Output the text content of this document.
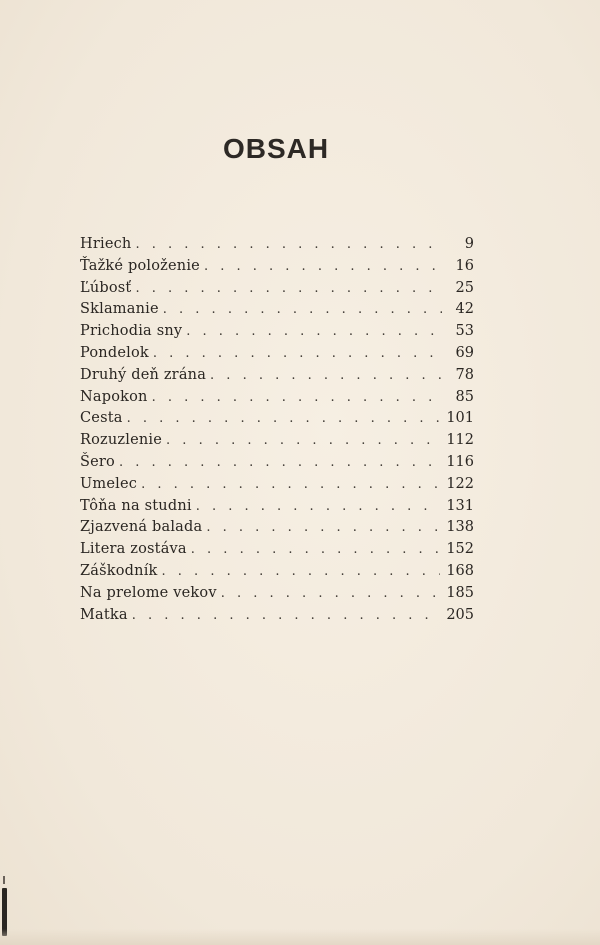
OBSAH
Hriech . . .	9
Ťažké položenie . . .	16
Ľúbosť . . .	25
Sklamanie . . .	42
Prichodia sny . . .	53
Pondelok . . .	69
Druhý deň zrána . . .	78
Napokon . . .	85
Cesta . . .	101
Rozuzlenie . . .	112
Šero . . .	116
Umelec . . .	122
Tôňa na studni . . .	131
Zjazvená balada . . .	138
Litera zostáva . . .	152
Záškodník . . .	168
Na prelome vekov . . .	185
Matka . . .	205
